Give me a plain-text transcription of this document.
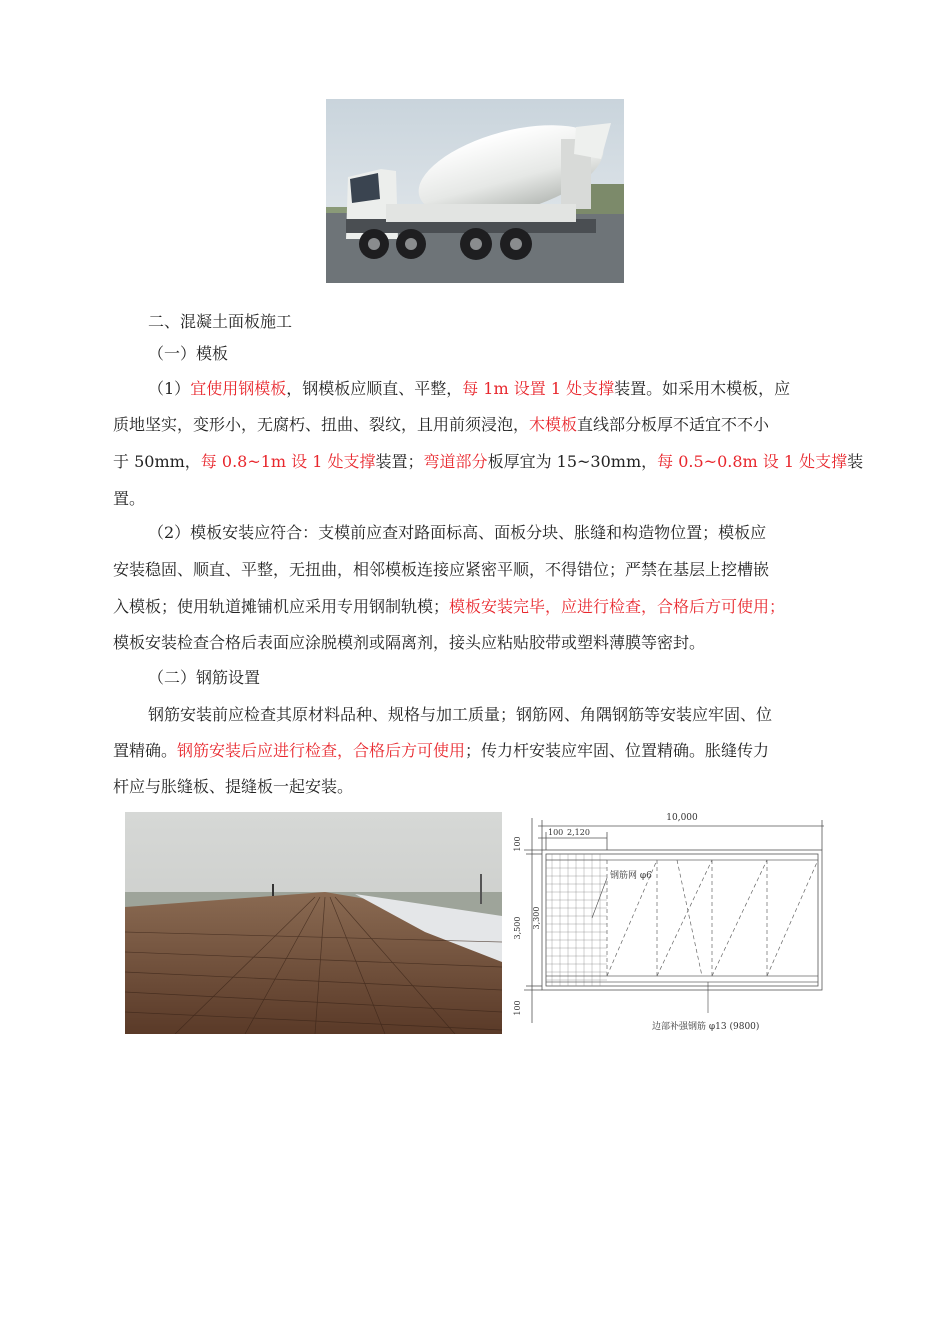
二、混凝土面板施工
（一）模板
（1）宜使用钢模板，钢模板应顺直、平整，每 1m 设置 1 处支撑装置。如采用木模板，应
质地坚实，变形小，无腐朽、扭曲、裂纹，且用前须浸泡，木模板直线部分板厚不适宜不不小
于 50mm，每 0.8~1m 设 1 处支撑装置；弯道部分板厚宜为 15~30mm，每 0.5~0.8m 设 1 处支撑装
置。
（2）模板安装应符合：支模前应查对路面标高、面板分块、胀缝和构造物位置；模板应
安装稳固、顺直、平整，无扭曲，相邻模板连接应紧密平顺，不得错位；严禁在基层上挖槽嵌
入模板；使用轨道摊铺机应采用专用钢制轨模；模板安装完毕，应进行检查，合格后方可使用；
模板安装检查合格后表面应涂脱模剂或隔离剂，接头应粘贴胶带或塑料薄膜等密封。
（二）钢筋设置
钢筋安装前应检查其原材料品种、规格与加工质量；钢筋网、角隅钢筋等安装应牢固、位
置精确。钢筋安装后应进行检查，合格后方可使用；传力杆安装应牢固、位置精确。胀缝传力
杆应与胀缝板、提缝板一起安装。
10,000
100 2,120
钢筋网 φ6
边部补强钢筋 φ13 (9800)
100
3,500 3,300
100
